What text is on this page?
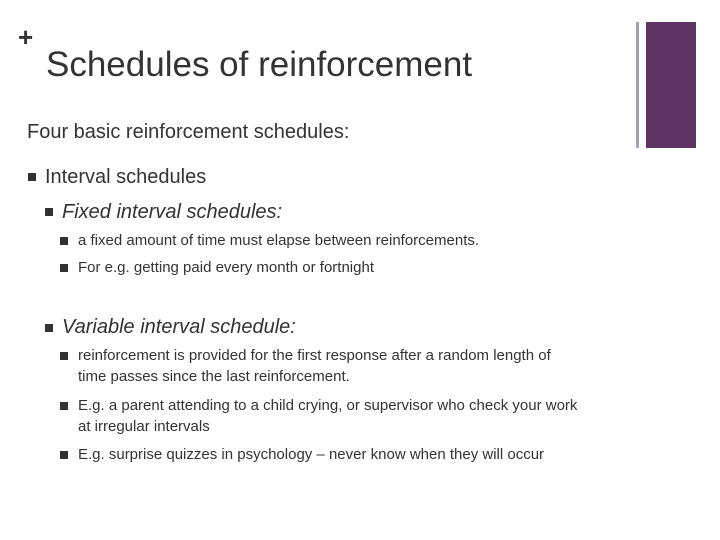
+
Schedules of reinforcement
Four basic reinforcement schedules:
Interval schedules
Fixed interval schedules:
a fixed amount of time must elapse between reinforcements.
For e.g. getting paid every month or fortnight
Variable interval schedule:
reinforcement is provided for the first response after a random length of
time passes since the last reinforcement.
E.g. a parent attending to a child crying, or supervisor who check your work
at irregular intervals
E.g. surprise quizzes in psychology – never know when they will occur
